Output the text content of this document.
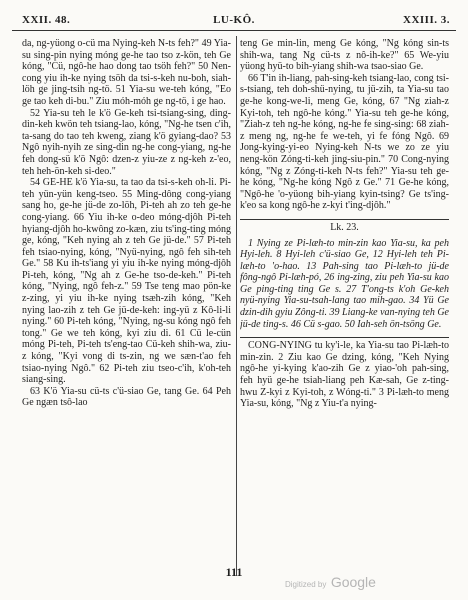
XXII. 48.	LU-KÔ.	XXIII. 3.

da, ng-yüong o-cü ma Nying-keh N-ts feh?" 49 Yia-su sing-pin nying móng ge-he tao tso z-kön, teh Ge kóng, "Cü, ngô-he hao dong tao tsöh feh?" 50 Nen-cong yiu ih-ke nying tsöh da tsi-s-keh nu-boh, siah-löh ge jing-tsih ng-tö. 51 Yia-su we-teh kóng, "Eo ge tao keh di-bu." Ziu móh-móh ge ng-tö, i ge hao.

52 Yia-su teh le k'ö Ge-keh tsi-tsiang-sing, ding-din-keh kwön teh tsiang-lao, kóng, "Ng-he tsen c'ih, ta-sang do tao teh kweng, ziang k'ö gyiang-dao? 53 Ngô nyih-nyih ze sing-din ng-he cong-yiang, ng-he feh dong-sü k'ö Ngô: dzen-z yiu-ze z ng-keh z-'eo, teh heh-ön-keh si-deo."

54 GE-HE k'ö Yia-su, ta tao da tsi-s-keh oh-li. Pi-teh yün-yün keng-tseo. 55 Ming-dông cong-yiang sang ho, ge-he jü-de zo-löh, Pi-teh ah zo teh ge-he cong-yiang. 66 Yiu ih-ke o-deo móng-djôh Pi-teh hyiang-djôh ho-kwông zo-kæn, ziu ts'ing-ting móng ge, kóng, "Keh nying ah z teh Ge jü-de." 57 Pi-teh feh tsiao-nying, kóng, "Nyü-nying, ngô feh sih-teh Ge." 58 Ku ih-ts'iang yi yiu ih-ke nying móng-djôh Pi-teh, kóng, "Ng ah z Ge-he tso-de-keh." Pi-teh kóng, "Nying, ngô feh-z." 59 Tse teng mao pön-ke z-zing, yi yiu ih-ke nying tsæh-zih kóng, "Keh nying lao-zih z teh Ge jü-de-keh: ing-yü z Kô-li-li nying." 60 Pi-teh kóng, "Nying, ng-su kóng ngô feh tong." Ge we teh kóng, kyi ziu di. 61 Cü le-cün móng Pi-teh, Pi-teh ts'eng-tao Cü-keh shih-wa, ziu-z kóng, "Kyi vong di ts-zin, ng we sæn-t'ao feh tsiao-nying Ngô." 62 Pi-teh ziu tseo-c'ih, k'oh-teh siang-sing.

63 K'ö Yia-su cü-ts c'ü-siao Ge, tang Ge. 64 Peh Ge ngæn tsô-lao

teng Ge min-lin, meng Ge kóng, "Ng kóng sin-ts shih-wa, tang Ng cü-ts z nô-ih-ke?" 65 We-yiu yüong hyü-to bih-yiang shih-wa tsao-siao Ge.

66 T'in ih-liang, pah-sing-keh tsiang-lao, cong tsi-s-tsiang, teh doh-shü-nying, tu jü-zih, ta Yia-su tao ge-he kong-we-li, meng Ge, kóng, 67 "Ng ziah-z Kyi-toh, teh ngô-he kóng." Yia-su teh ge-he kóng, "Ziah-z teh ng-he kóng, ng-he fe sing-sing: 68 ziah-z meng ng, ng-he fe we-teh, yi fe fóng Ngô. 69 Jong-kying-yi-eo Nying-keh N-ts we zo ze yiu neng-kön Zóng-ti-keh jing-siu-pin." 70 Cong-nying kóng, "Ng z Zóng-ti-keh N-ts feh?" Yia-su teh ge-he kóng, "Ng-he kóng Ngô z Ge." 71 Ge-he kóng, "Ngô-he 'o-yüong bih-yiang kyin-tsing? Ge ts'ing-k'eo sa kong ngô-he z-kyi t'ing-djôh."

Lk. 23.

1 Nying ze Pi-læh-to min-zin kao Yia-su, ka peh Hyi-leh. 8 Hyi-leh c'ü-siao Ge, 12 Hyi-leh teh Pi-læh-to 'o-hao. 13 Pah-sing tao Pi-læh-to jü-de fông-ngô Pi-læh-pó, 26 ing-zing, ziu peh Yia-su kao Ge ping-ting ting Ge s. 27 T'ong-ts k'oh Ge-keh nyü-nying Yia-su-tsah-lang tao mih-gao. 34 Yü Ge dzin-dih gyiu Zông-ti. 39 Liang-ke van-nying teh Ge jü-de ting-s. 46 Cü s-gao. 50 Iah-seh ön-tsöng Ge.

CONG-NYING tu ky'i-le, ka Yia-su tao Pi-læh-to min-zin. 2 Ziu kao Ge dzing, kóng, "Keh Nying ngô-he yi-kying k'ao-zih Ge z yiao-'oh pah-sing, feh hyü ge-he tsiah-liang peh Kæ-sah, Ge z-ting-hwu Z-kyi z Kyi-toh, z Wóng-ti." 3 Pi-læh-to meng Yia-su, kóng, "Ng z Yiu-t'a nying-

111
Digitized by Google
